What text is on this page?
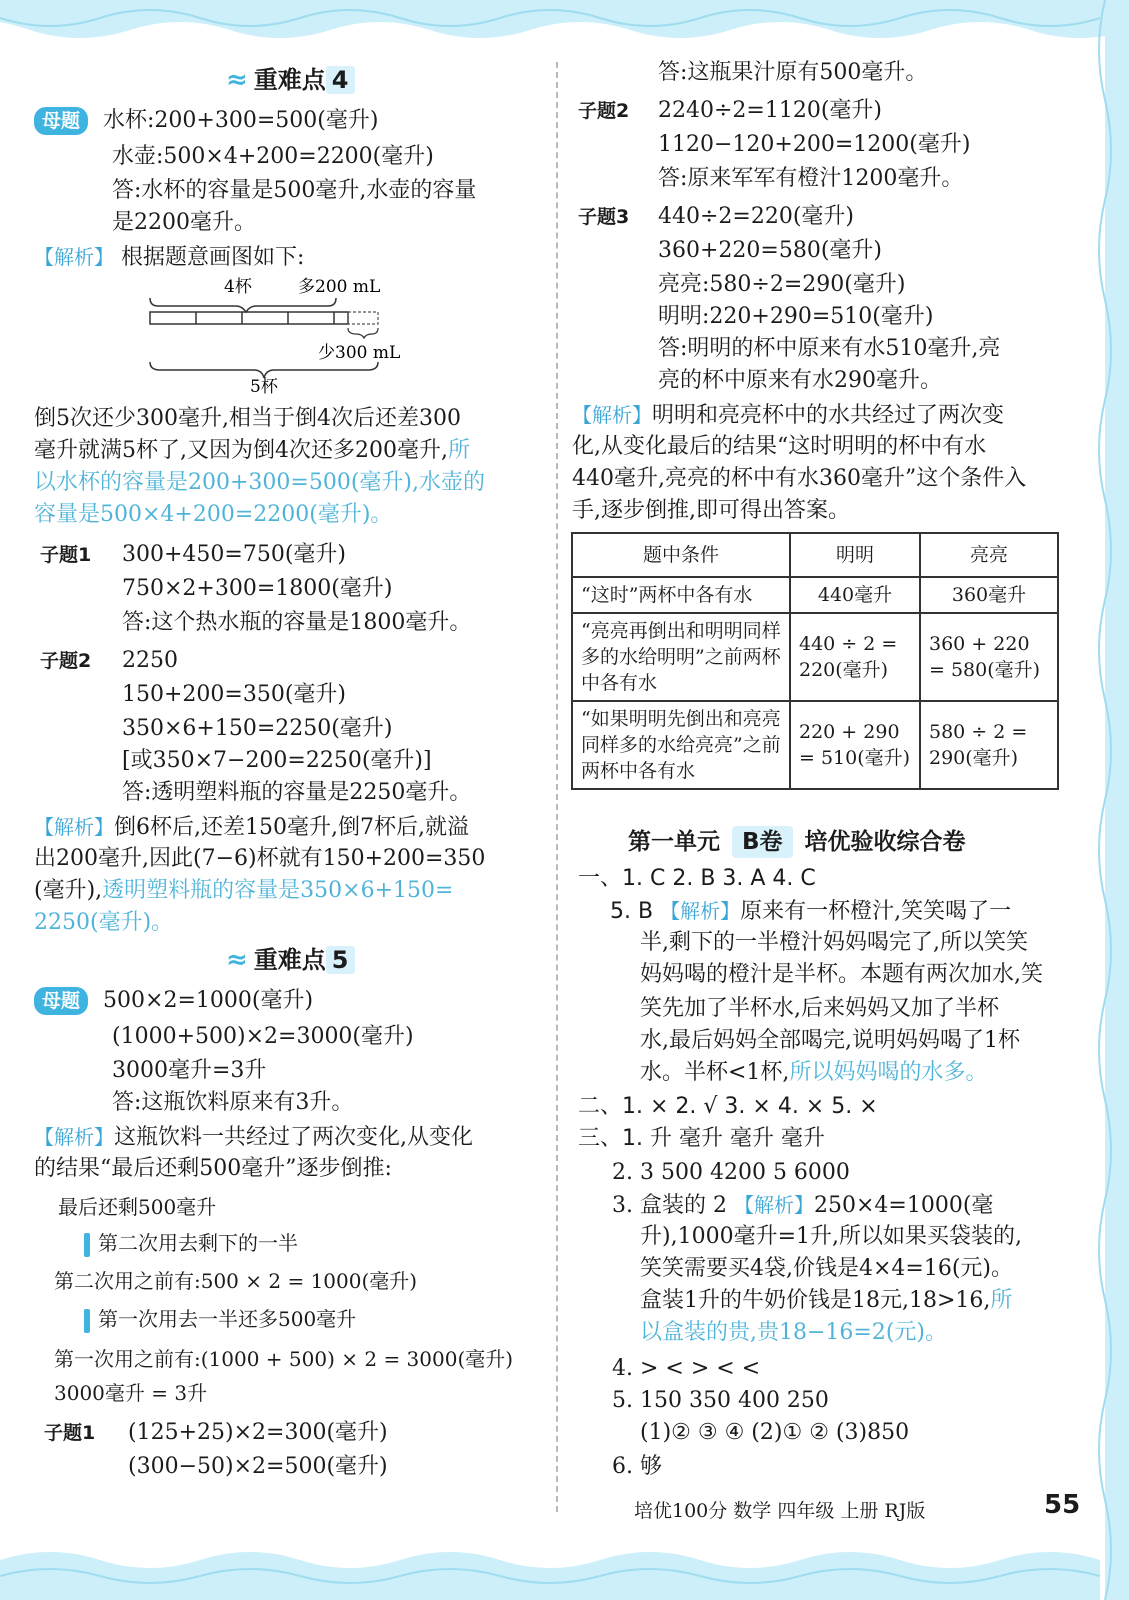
≈ 重难点 4
母题 水杯:200+300=500(毫升)
水壶:500×4+200=2200(毫升)
答:水杯的容量是500毫升,水壶的容量
是2200毫升。
【解析】 根据题意画图如下:
4杯	多200 mL
少300 mL
5杯
倒5次还少300毫升,相当于倒4次后还差300
毫升就满5杯了,又因为倒4次还多200毫升,所
以水杯的容量是200+300=500(毫升),水壶的
容量是500×4+200=2200(毫升)。
子题1 300+450=750(毫升)
750×2+300=1800(毫升)
答:这个热水瓶的容量是1800毫升。
子题2 2250
150+200=350(毫升)
350×6+150=2250(毫升)
[或350×7−200=2250(毫升)]
答:透明塑料瓶的容量是2250毫升。
【解析】倒6杯后,还差150毫升,倒7杯后,就溢
出200毫升,因此(7−6)杯就有150+200=350
(毫升),透明塑料瓶的容量是350×6+150=
2250(毫升)。
≈ 重难点 5
母题 500×2=1000(毫升)
(1000+500)×2=3000(毫升)
3000毫升=3升
答:这瓶饮料原来有3升。
【解析】这瓶饮料一共经过了两次变化,从变化
的结果“最后还剩500毫升”逐步倒推:
最后还剩500毫升
第二次用去剩下的一半
第二次用之前有:500 × 2 = 1000(毫升)
第一次用去一半还多500毫升
第一次用之前有:(1000 + 500) × 2 = 3000(毫升)
3000毫升 = 3升
子题1 (125+25)×2=300(毫升)
(300−50)×2=500(毫升)
答:这瓶果汁原有500毫升。
子题2 2240÷2=1120(毫升)
1120−120+200=1200(毫升)
答:原来军军有橙汁1200毫升。
子题3 440÷2=220(毫升)
360+220=580(毫升)
亮亮:580÷2=290(毫升)
明明:220+290=510(毫升)
答:明明的杯中原来有水510毫升,亮
亮的杯中原来有水290毫升。
【解析】明明和亮亮杯中的水共经过了两次变
化,从变化最后的结果“这时明明的杯中有水
440毫升,亮亮的杯中有水360毫升”这个条件入
手,逐步倒推,即可得出答案。
题中条件	明明	亮亮
“这时”两杯中各有水	440毫升	360毫升
“亮亮再倒出和明明同样多的水给明明”之前两杯中各有水	440 ÷ 2 = 220(毫升)	360 + 220 = 580(毫升)
“如果明明先倒出和亮亮同样多的水给亮亮”之前两杯中各有水	220 + 290 = 510(毫升)	580 ÷ 2 = 290(毫升)
第一单元 B卷 培优验收综合卷
一、1. C 2. B 3. A 4. C
5. B 【解析】原来有一杯橙汁,笑笑喝了一
半,剩下的一半橙汁妈妈喝完了,所以笑笑
妈妈喝的橙汁是半杯。本题有两次加水,笑
笑先加了半杯水,后来妈妈又加了半杯
水,最后妈妈全部喝完,说明妈妈喝了1杯
水。半杯<1杯,所以妈妈喝的水多。
二、1. × 2. √ 3. × 4. × 5. ×
三、1. 升 毫升 毫升 毫升
2. 3 500 4200 5 6000
3. 盒装的 2 【解析】250×4=1000(毫
升),1000毫升=1升,所以如果买袋装的,
笑笑需要买4袋,价钱是4×4=16(元)。
盒装1升的牛奶价钱是18元,18>16,所
以盒装的贵,贵18−16=2(元)。
4. > < > < <
5. 150 350 400 250
(1)② ③ ④ (2)① ② (3)850
6. 够
培优100分 数学 四年级 上册 RJ版	55
